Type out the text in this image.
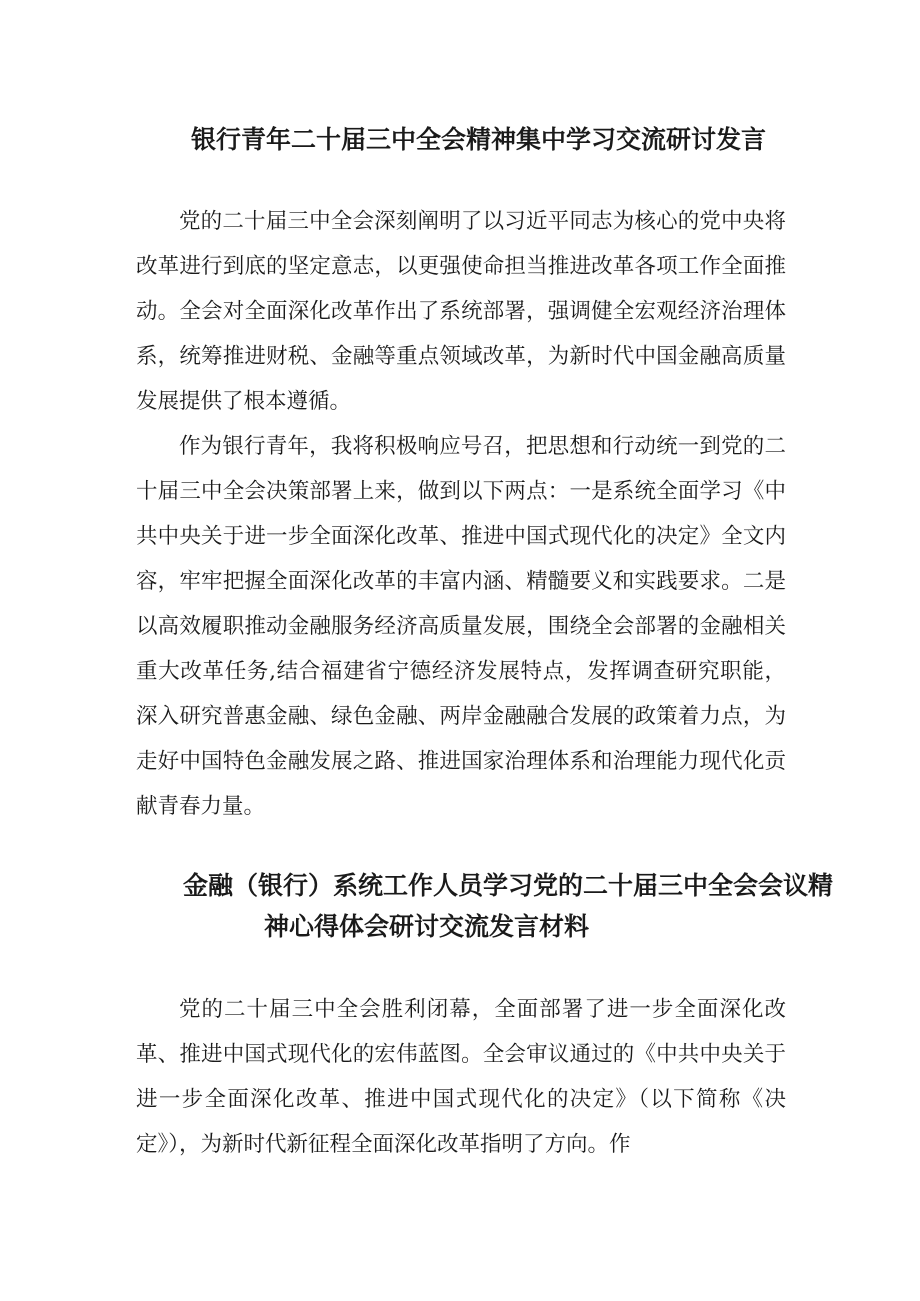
银行青年二十届三中全会精神集中学习交流研讨发言

党的二十届三中全会深刻阐明了以习近平同志为核心的党中央将改革进行到底的坚定意志，以更强使命担当推进改革各项工作全面推动。全会对全面深化改革作出了系统部署，强调健全宏观经济治理体系，统筹推进财税、金融等重点领域改革，为新时代中国金融高质量发展提供了根本遵循。

作为银行青年，我将积极响应号召，把思想和行动统一到党的二十届三中全会决策部署上来，做到以下两点：一是系统全面学习《中共中央关于进一步全面深化改革、推进中国式现代化的决定》全文内容，牢牢把握全面深化改革的丰富内涵、精髓要义和实践要求。二是以高效履职推动金融服务经济高质量发展，围绕全会部署的金融相关重大改革任务,结合福建省宁德经济发展特点，发挥调查研究职能，深入研究普惠金融、绿色金融、两岸金融融合发展的政策着力点，为走好中国特色金融发展之路、推进国家治理体系和治理能力现代化贡献青春力量。

金融（银行）系统工作人员学习党的二十届三中全会会议精
神心得体会研讨交流发言材料

党的二十届三中全会胜利闭幕，全面部署了进一步全面深化改革、推进中国式现代化的宏伟蓝图。全会审议通过的《中共中央关于进一步全面深化改革、推进中国式现代化的决定》（以下简称《决定》），为新时代新征程全面深化改革指明了方向。作
